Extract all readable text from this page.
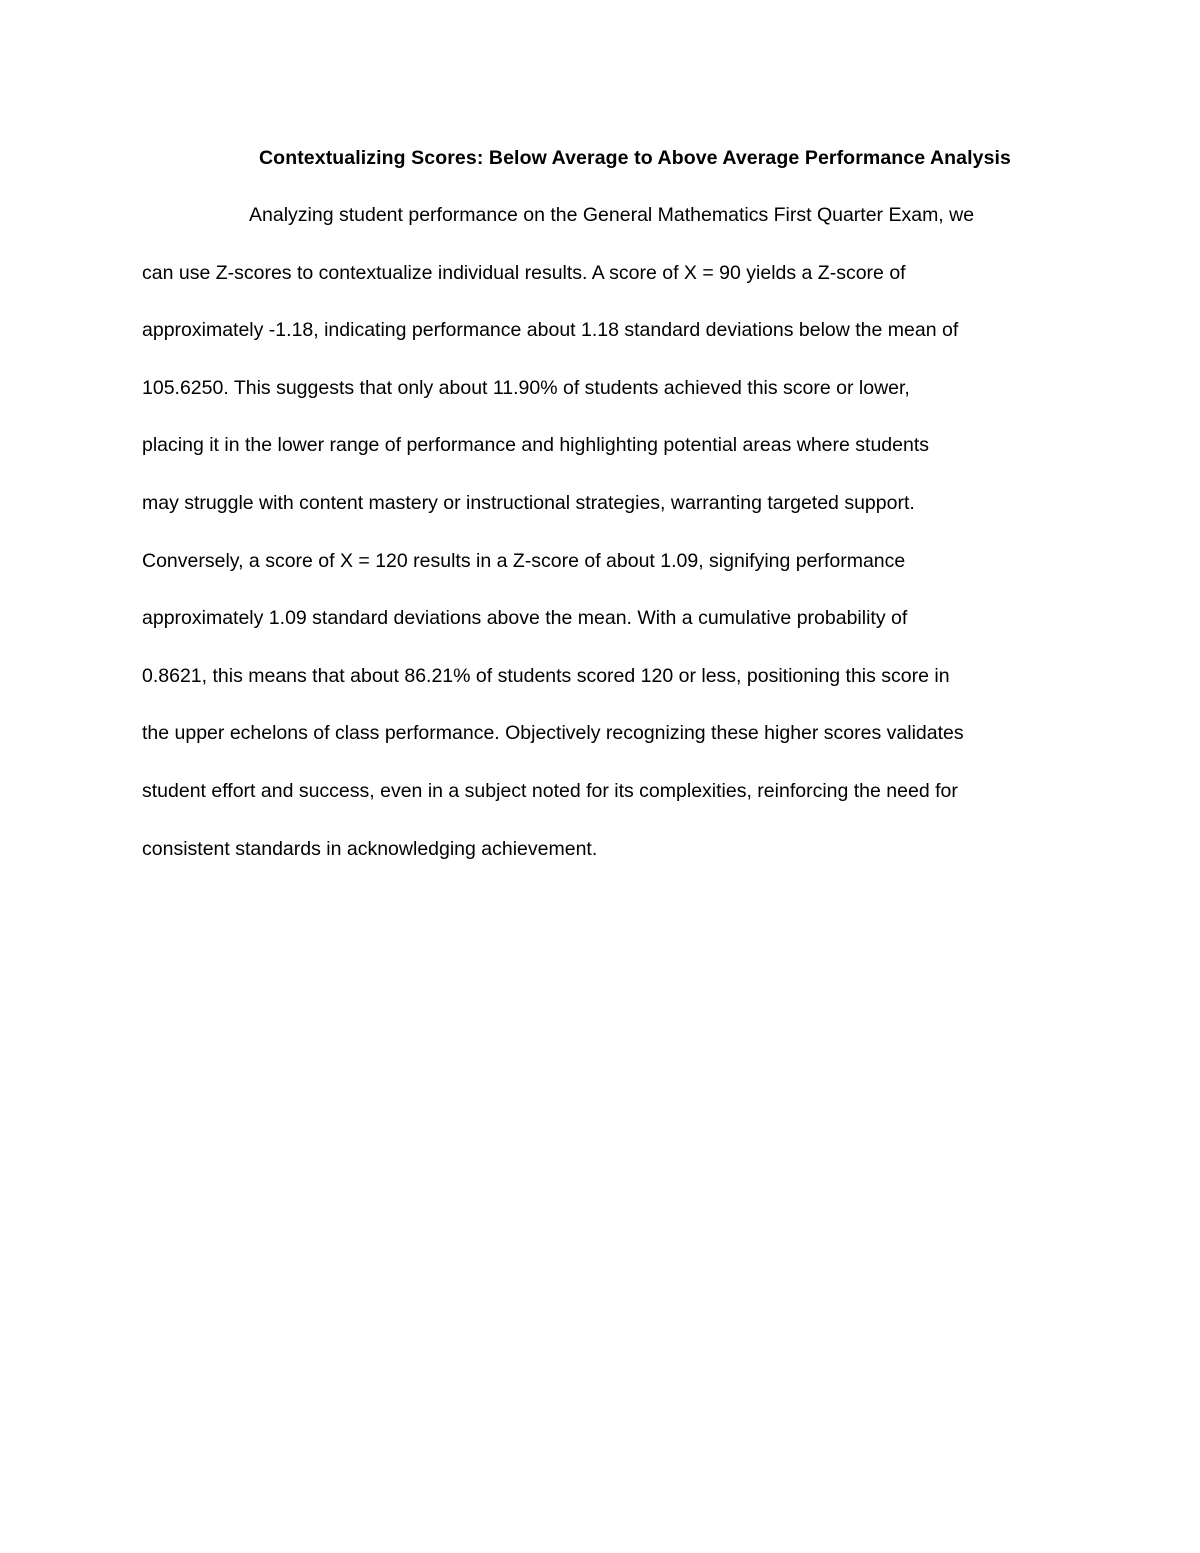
Contextualizing Scores: Below Average to Above Average Performance Analysis
Analyzing student performance on the General Mathematics First Quarter Exam, we
can use Z-scores to contextualize individual results. A score of X = 90 yields a Z-score of
approximately -1.18, indicating performance about 1.18 standard deviations below the mean of
105.6250. This suggests that only about 11.90% of students achieved this score or lower,
placing it in the lower range of performance and highlighting potential areas where students
may struggle with content mastery or instructional strategies, warranting targeted support.
Conversely, a score of X = 120 results in a Z-score of about 1.09, signifying performance
approximately 1.09 standard deviations above the mean. With a cumulative probability of
0.8621, this means that about 86.21% of students scored 120 or less, positioning this score in
the upper echelons of class performance. Objectively recognizing these higher scores validates
student effort and success, even in a subject noted for its complexities, reinforcing the need for
consistent standards in acknowledging achievement.
